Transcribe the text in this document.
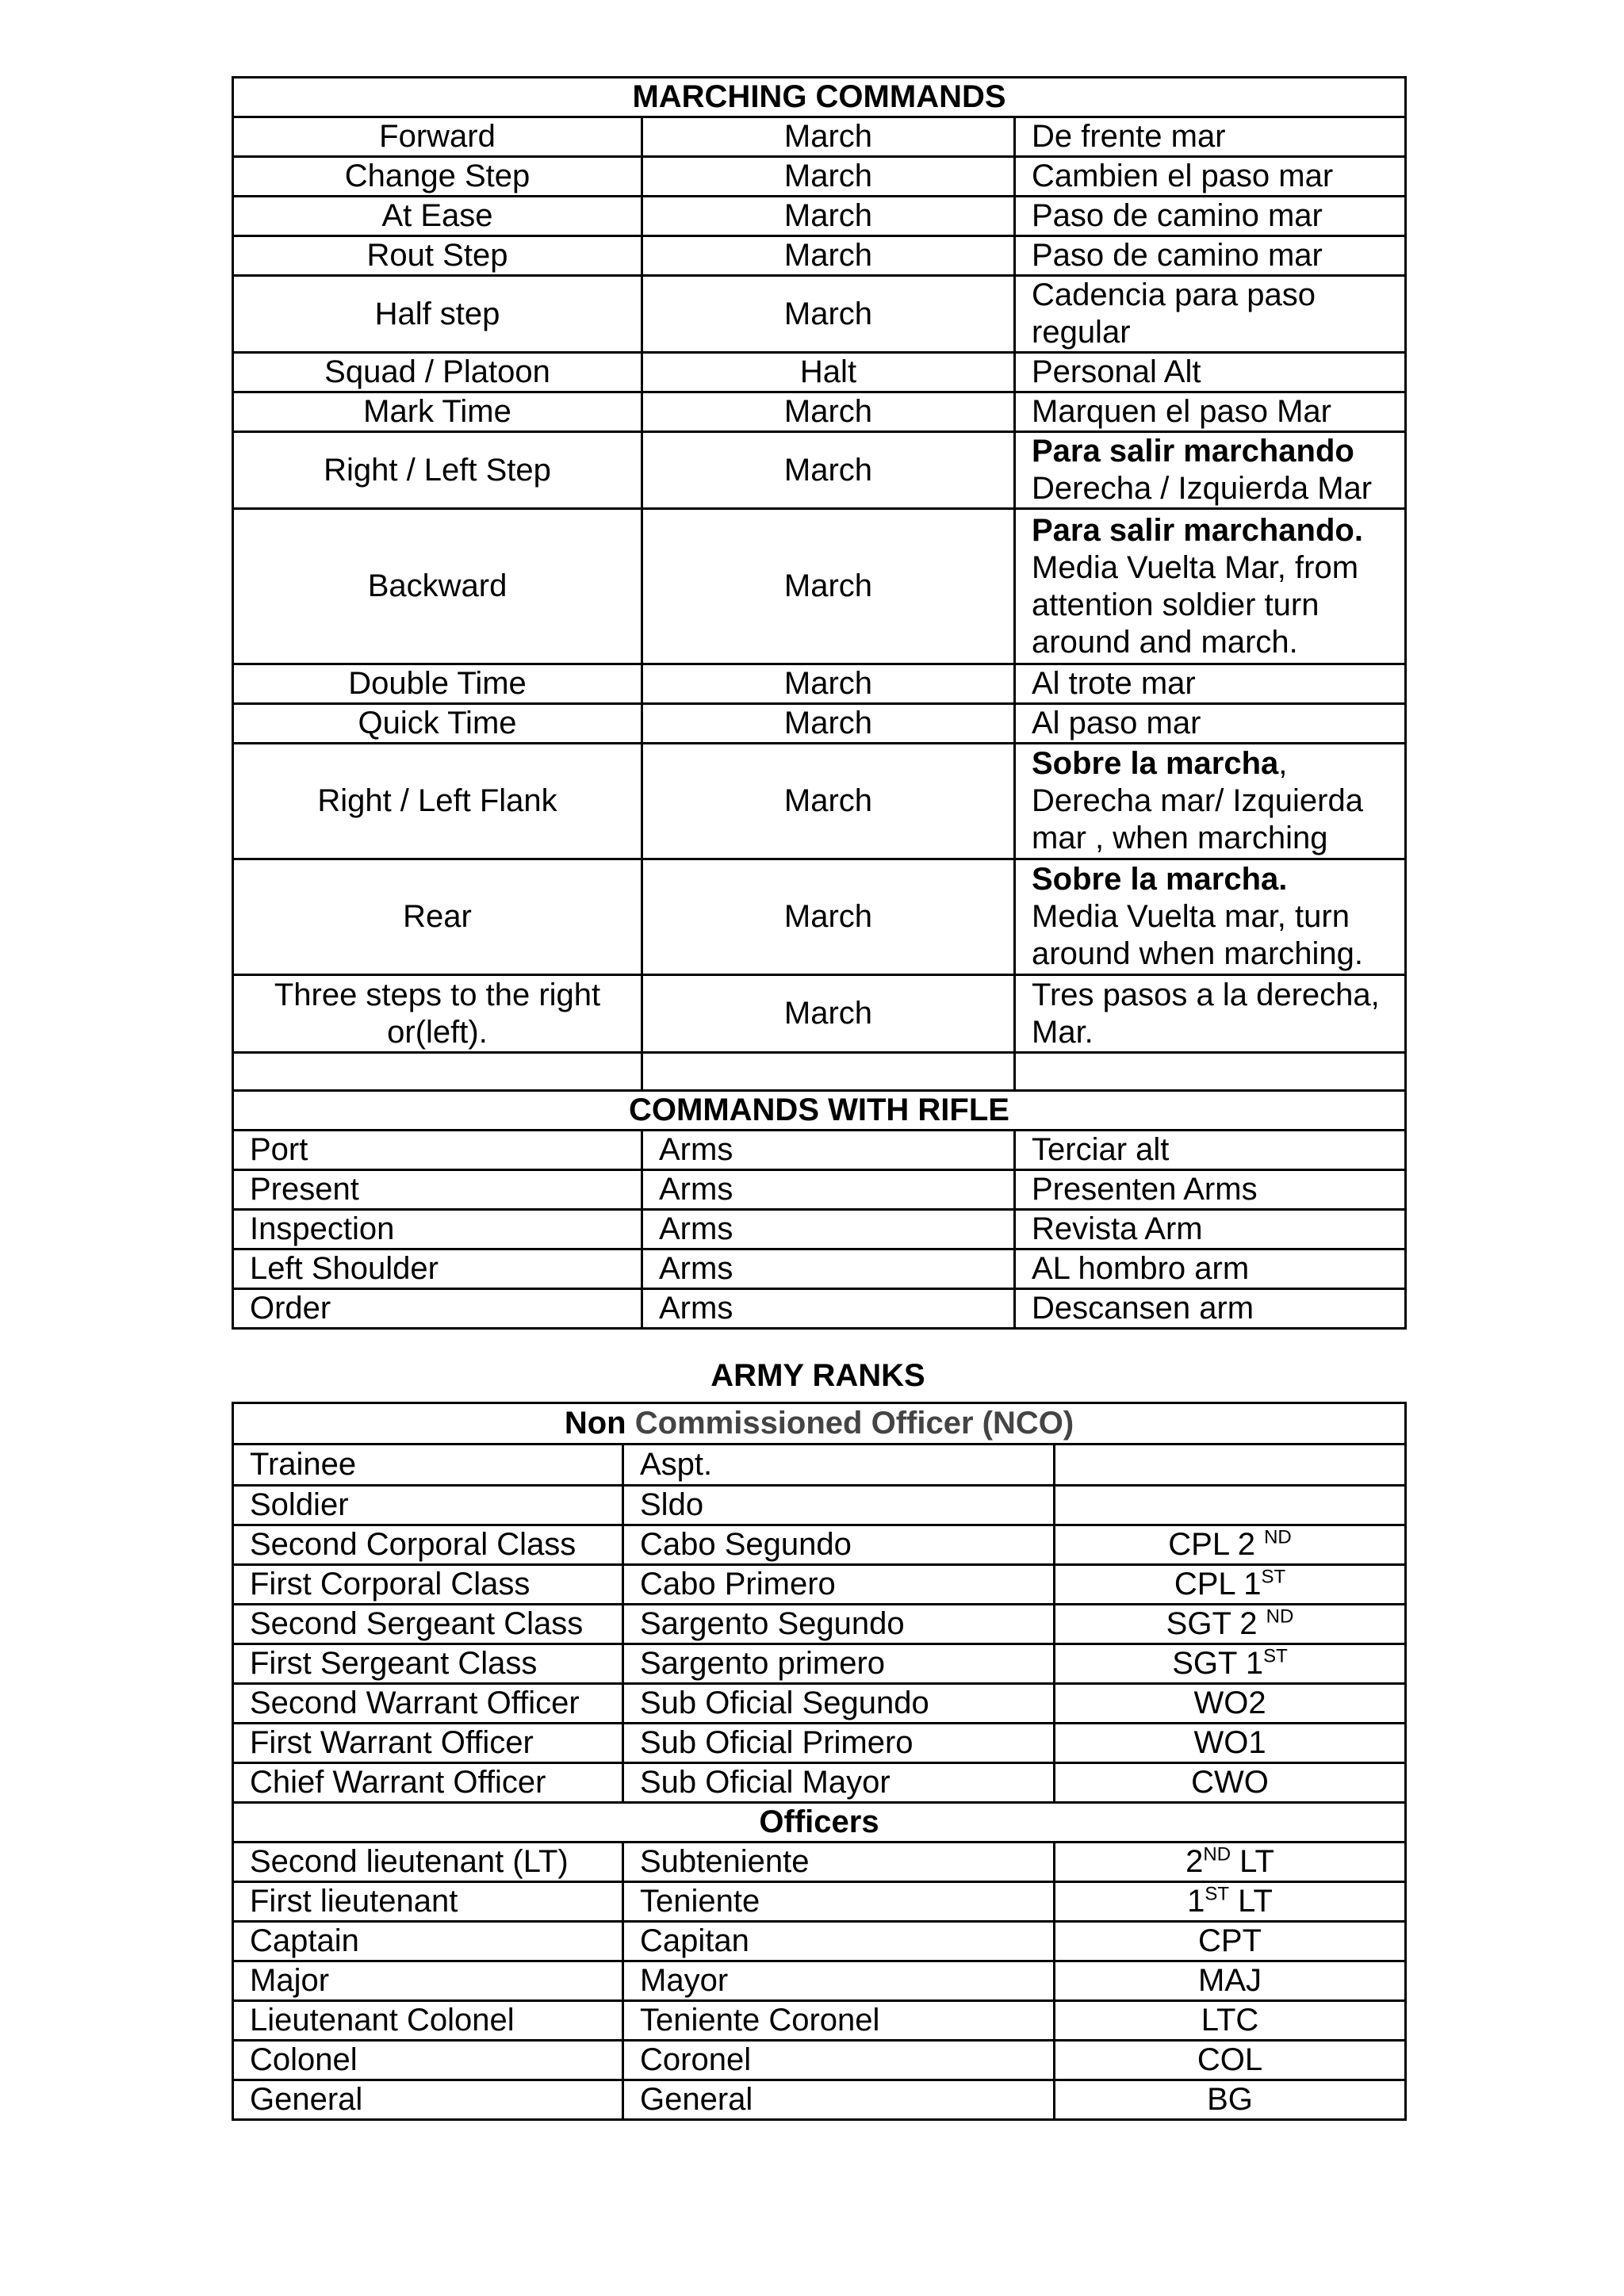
MARCHING COMMANDS		
Forward	March	De frente mar
Change Step	March	Cambien el paso mar
At Ease	March	Paso de camino mar
Rout Step	March	Paso de camino mar
Half step	March	Cadencia para paso regular
Squad / Platoon	Halt	Personal Alt
Mark Time	March	Marquen el paso Mar
Right / Left Step	March	Para salir marchando
Derecha / Izquierda Mar
Backward	March	Para salir marchando.
Media Vuelta Mar, from attention soldier turn around and march.
Double Time	March	Al trote mar
Quick Time	March	Al paso mar
Right / Left Flank	March	Sobre la marcha, Derecha mar/ Izquierda mar , when marching
Rear	March	Sobre la marcha.
Media Vuelta mar, turn around when marching.
Three steps to the right or(left).	March	Tres pasos a la derecha, Mar.

COMMANDS WITH RIFLE		
Port	Arms	Terciar alt
Present	Arms	Presenten Arms
Inspection	Arms	Revista Arm
Left Shoulder	Arms	AL hombro arm
Order	Arms	Descansen arm
ARMY RANKS
Non Commissioned Officer (NCO)		
Trainee	Aspt.	
Soldier	Sldo	
Second Corporal Class	Cabo Segundo	CPL 2 $^{ND}$
First Corporal Class	Cabo Primero	CPL 1ST
Second Sergeant Class	Sargento Segundo	SGT 2 $^{ND}$
First Sergeant Class	Sargento primero	SGT 1ST
Second Warrant Officer	Sub Oficial Segundo	WO2
First Warrant Officer	Sub Oficial Primero	WO1
Chief Warrant Officer	Sub Oficial Mayor	CWO
Officers		
Second lieutenant (LT)	Subteniente	2ND LT
First lieutenant	Teniente	1ST LT
Captain	Capitan	CPT
Major	Mayor	MAJ
Lieutenant Colonel	Teniente Coronel	LTC
Colonel	Coronel	COL
General	General	BG
